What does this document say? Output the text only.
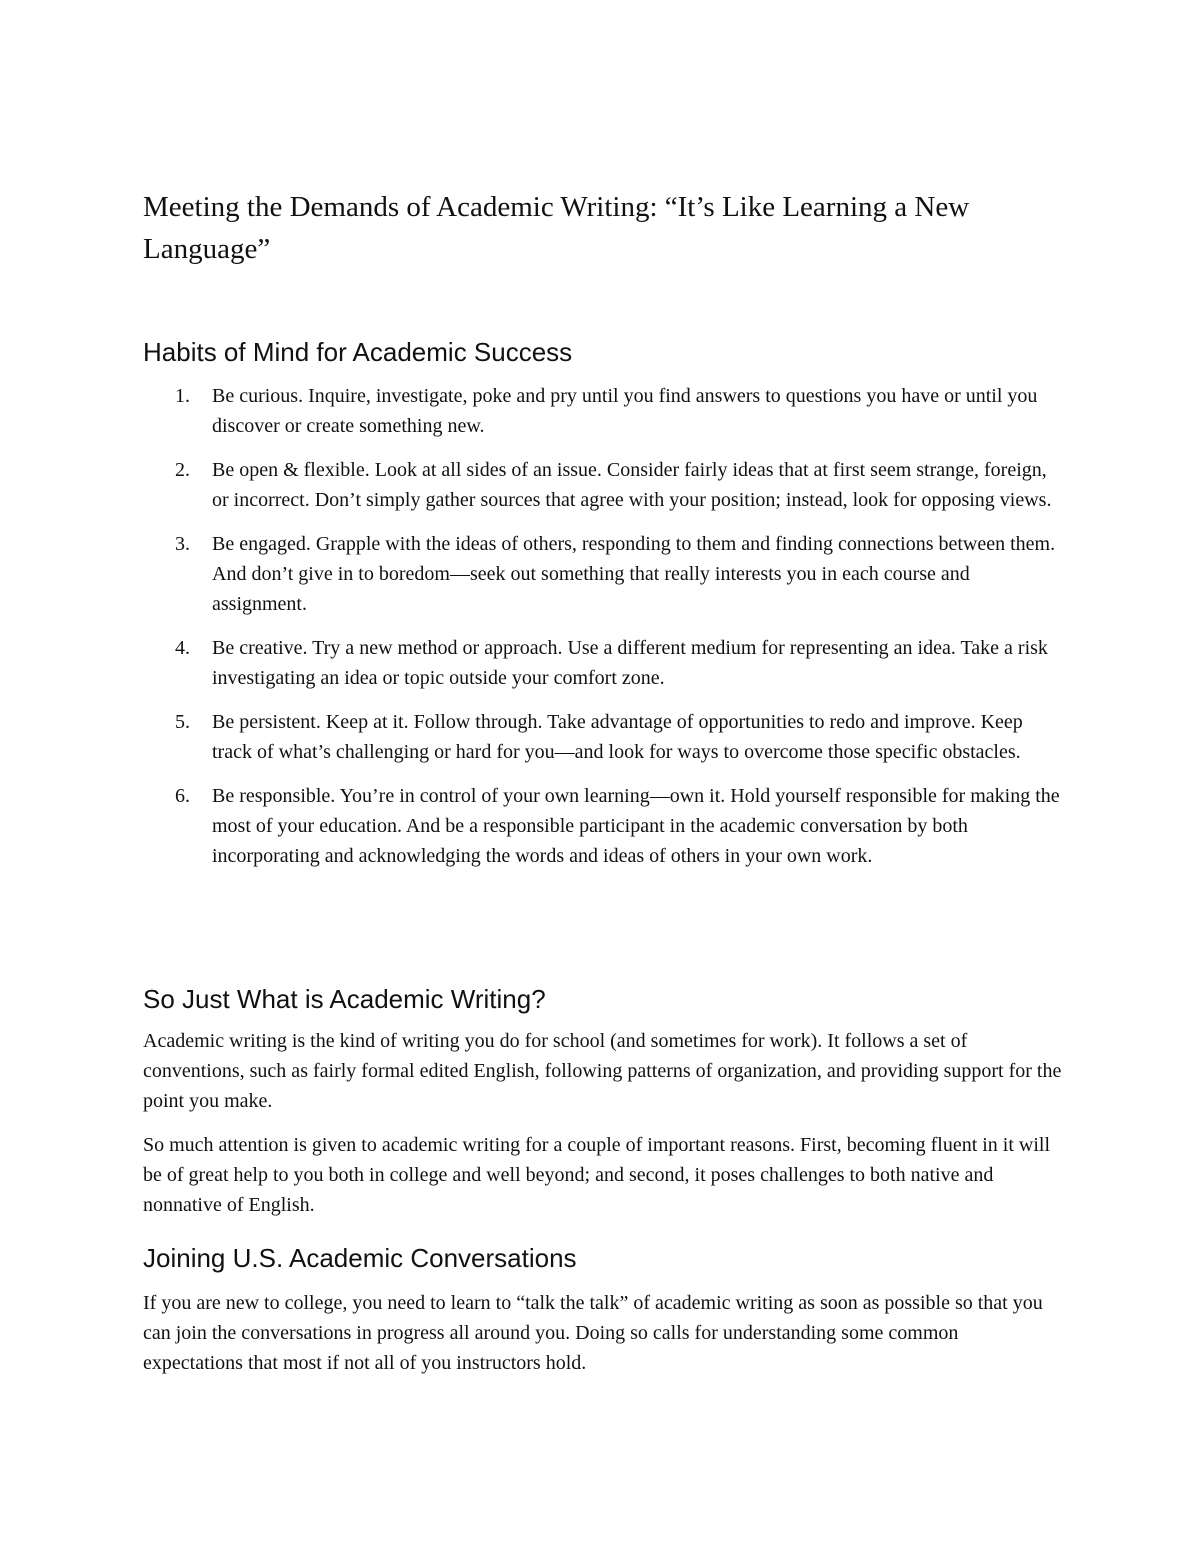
Meeting the Demands of Academic Writing: “It’s Like Learning a New Language”
Habits of Mind for Academic Success
1. Be curious. Inquire, investigate, poke and pry until you find answers to questions you have or until you discover or create something new.
2. Be open & flexible. Look at all sides of an issue. Consider fairly ideas that at first seem strange, foreign, or incorrect. Don’t simply gather sources that agree with your position; instead, look for opposing views.
3. Be engaged. Grapple with the ideas of others, responding to them and finding connections between them. And don’t give in to boredom—seek out something that really interests you in each course and assignment.
4. Be creative. Try a new method or approach. Use a different medium for representing an idea. Take a risk investigating an idea or topic outside your comfort zone.
5. Be persistent. Keep at it. Follow through. Take advantage of opportunities to redo and improve. Keep track of what’s challenging or hard for you—and look for ways to overcome those specific obstacles.
6. Be responsible. You’re in control of your own learning—own it. Hold yourself responsible for making the most of your education. And be a responsible participant in the academic conversation by both incorporating and acknowledging the words and ideas of others in your own work.
So Just What is Academic Writing?

Academic writing is the kind of writing you do for school (and sometimes for work). It follows a set of conventions, such as fairly formal edited English, following patterns of organization, and providing support for the point you make.

So much attention is given to academic writing for a couple of important reasons. First, becoming fluent in it will be of great help to you both in college and well beyond; and second, it poses challenges to both native and nonnative of English.

Joining U.S. Academic Conversations

If you are new to college, you need to learn to “talk the talk” of academic writing as soon as possible so that you can join the conversations in progress all around you. Doing so calls for understanding some common expectations that most if not all of you instructors hold.
